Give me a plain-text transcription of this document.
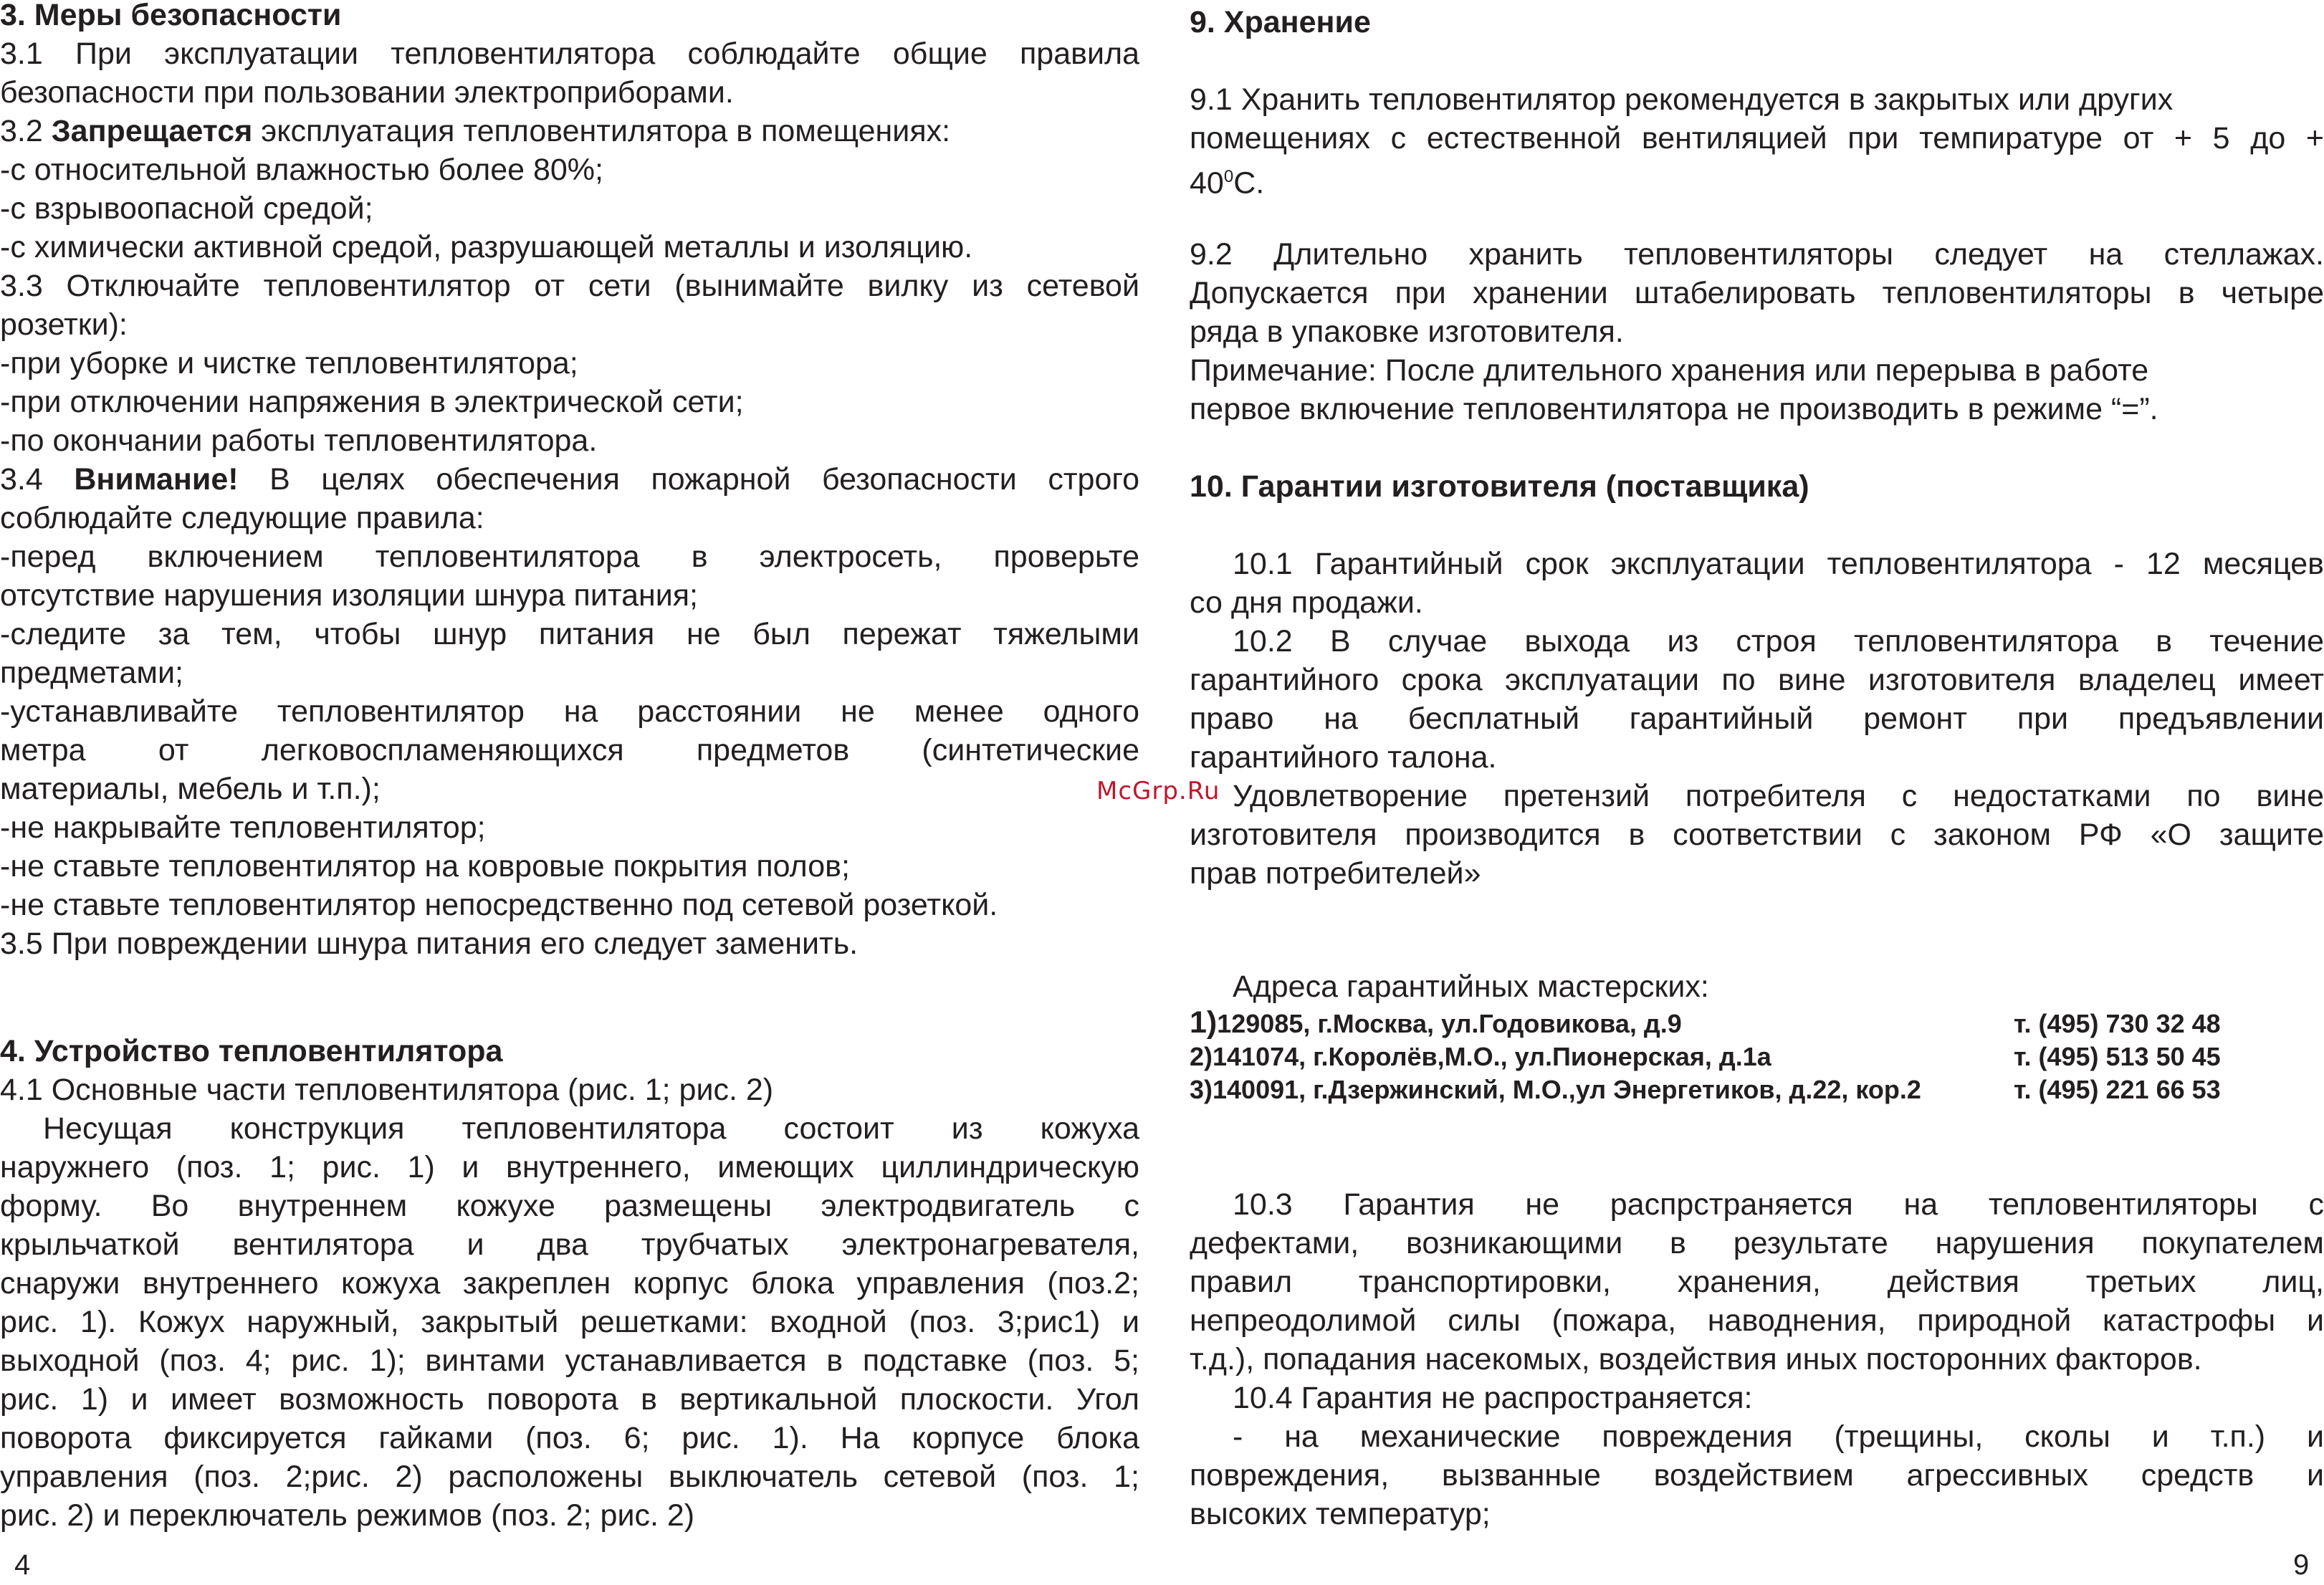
3. Меры безопасности
3.1 При эксплуатации тепловентилятора соблюдайте общие правила
безопасности при пользовании электроприборами.
3.2 Запрещается эксплуатация тепловентилятора в помещениях:
-с относительной влажностью более 80%;
-с взрывоопасной средой;
-с химически активной средой, разрушающей металлы и изоляцию.
3.3 Отключайте тепловентилятор от сети (вынимайте вилку из сетевой
розетки):
-при уборке и чистке тепловентилятора;
-при отключении напряжения в электрической сети;
-по окончании работы тепловентилятора.
3.4 Внимание! В целях обеспечения пожарной безопасности строго
соблюдайте следующие правила:
-перед включением тепловентилятора в электросеть, проверьте
отсутствие нарушения изоляции шнура питания;
-следите за тем, чтобы шнур питания не был пережат тяжелыми
предметами;
-устанавливайте тепловентилятор на расстоянии не менее одного
метра от легковоспламеняющихся предметов (синтетические
материалы, мебель и т.п.);
-не накрывайте тепловентилятор;
-не ставьте тепловентилятор на ковровые покрытия полов;
-не ставьте тепловентилятор непосредственно под сетевой розеткой.
3.5 При повреждении шнура питания его следует заменить.
4. Устройство тепловентилятора
4.1 Основные части тепловентилятора (рис. 1; рис. 2)
Несущая конструкция тепловентилятора состоит из кожуха
наружнего (поз. 1; рис. 1) и внутреннего, имеющих циллиндрическую
форму. Во внутреннем кожухе размещены электродвигатель с
крыльчаткой вентилятора и два трубчатых электронагревателя,
снаружи внутреннего кожуха закреплен корпус блока управления (поз.2;
рис. 1). Кожух наружный, закрытый решетками: входной (поз. 3;рис1) и
выходной (поз. 4; рис. 1); винтами устанавливается в подставке (поз. 5;
рис. 1) и имеет возможность поворота в вертикальной плоскости. Угол
поворота фиксируется гайками (поз. 6; рис. 1). На корпусе блока
управления (поз. 2;рис. 2) расположены выключатель сетевой (поз. 1;
рис. 2) и переключатель режимов (поз. 2; рис. 2)
4
9. Хранение
9.1 Хранить тепловентилятор рекомендуется в закрытых или других
помещениях с естественной вентиляцией при темпиратуре от + 5 до +
$40^0С$.
9.2 Длительно хранить тепловентиляторы следует на стеллажах.
Допускается при хранении штабелировать тепловентиляторы в четыре
ряда в упаковке изготовителя.
Примечание: После длительного хранения или перерыва в работе
первое включение тепловентилятора не производить в режиме “=”.
10. Гарантии изготовителя (поставщика)
10.1 Гарантийный срок эксплуатации тепловентилятора - 12 месяцев
со дня продажи.
10.2 В случае выхода из строя тепловентилятора в течение
гарантийного срока эксплуатации по вине изготовителя владелец имеет
право на бесплатный гарантийный ремонт при предъявлении
гарантийного талона.
Удовлетворение претензий потребителя с недостатками по вине
изготовителя производится в соответствии с законом РФ «О защите
прав потребителей»
Адреса гарантийных мастерских:
1)129085, г.Москва, ул.Годовикова, д.9	т. (495) 730 32 48
2)141074, г.Королёв,М.О., ул.Пионерская, д.1а	т. (495) 513 50 45
3)140091, г.Дзержинский, М.О.,ул Энергетиков, д.22, кор.2	т. (495) 221 66 53
10.3 Гарантия не распрстраняется на тепловентиляторы с
дефектами, возникающими в результате нарушения покупателем
правил транспортировки, хранения, действия третьих лиц,
непреодолимой силы (пожара, наводнения, природной катастрофы и
т.д.), попадания насекомых, воздействия иных посторонних факторов.
10.4 Гарантия не распространяется:
- на механические повреждения (трещины, сколы и т.п.) и
повреждения, вызванные воздействием агрессивных средств и
высоких температур;
9
McGrp.Ru
